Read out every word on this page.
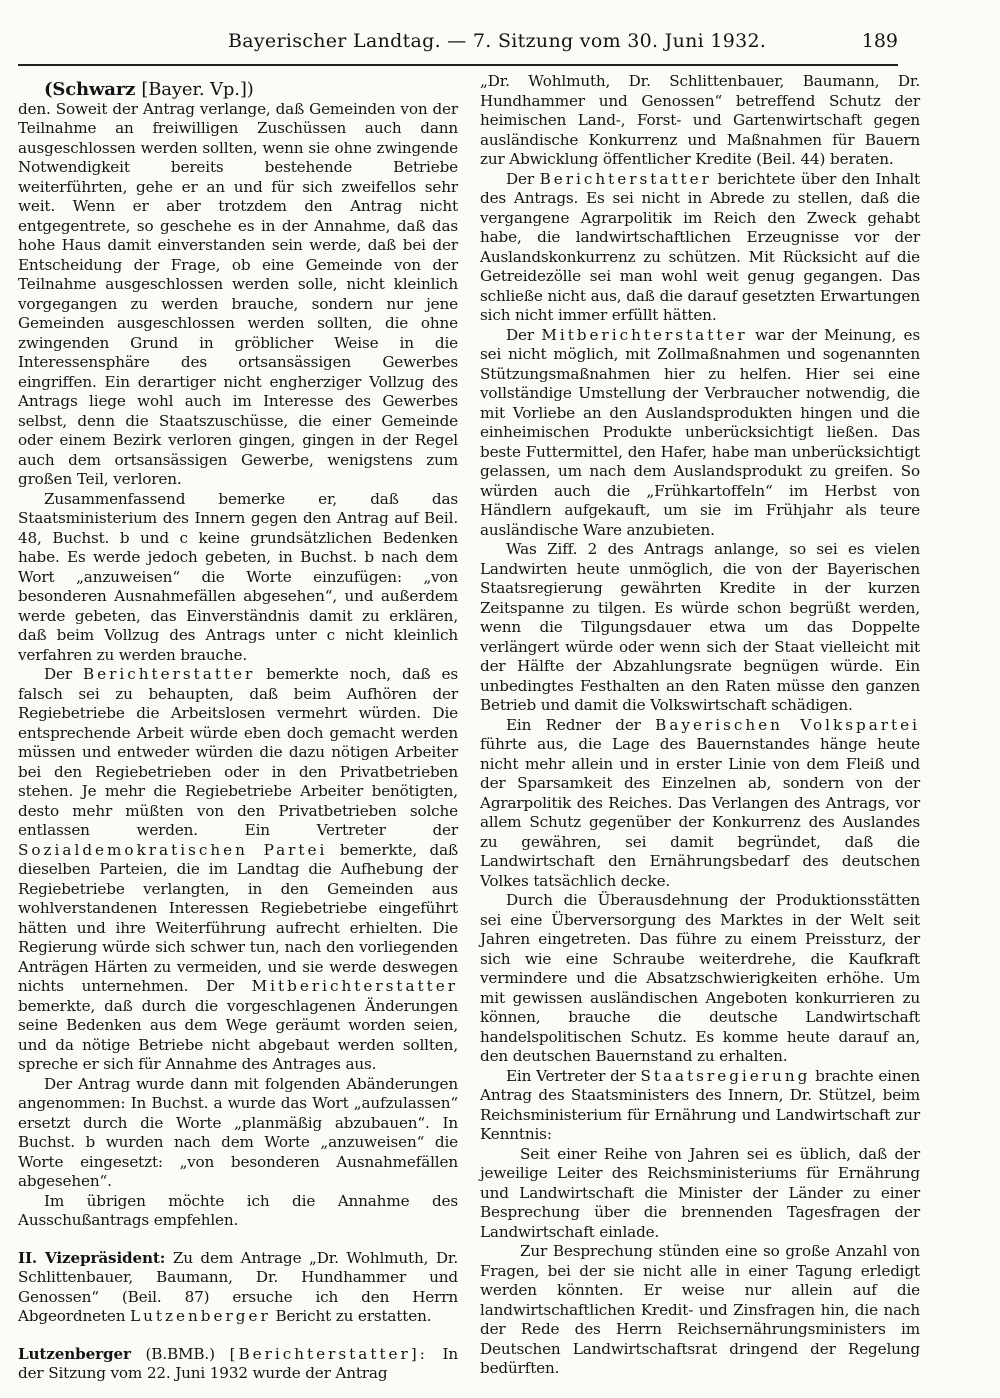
Bayerischer Landtag. — 7. Sitzung vom 30. Juni 1932.	189

(Schwarz [Bayer. Vp.])

den. Soweit der Antrag verlange, daß Gemeinden von der Teilnahme an freiwilligen Zuschüssen auch dann ausgeschlossen werden sollten, wenn sie ohne zwingende Notwendigkeit bereits bestehende Betriebe weiterführten, gehe er an und für sich zweifellos sehr weit. Wenn er aber trotzdem den Antrag nicht entgegentrete, so geschehe es in der Annahme, daß das hohe Haus damit einverstanden sein werde, daß bei der Entscheidung der Frage, ob eine Gemeinde von der Teilnahme ausgeschlossen werden solle, nicht kleinlich vorgegangen zu werden brauche, sondern nur jene Gemeinden ausgeschlossen werden sollten, die ohne zwingenden Grund in gröblicher Weise in die Interessensphäre des ortsansässigen Gewerbes eingriffen. Ein derartiger nicht engherziger Vollzug des Antrags liege wohl auch im Interesse des Gewerbes selbst, denn die Staatszuschüsse, die einer Gemeinde oder einem Bezirk verloren gingen, gingen in der Regel auch dem ortsansässigen Gewerbe, wenigstens zum großen Teil, verloren.

Zusammenfassend bemerke er, daß das Staatsministerium des Innern gegen den Antrag auf Beil. 48, Buchst. b und c keine grundsätzlichen Bedenken habe. Es werde jedoch gebeten, in Buchst. b nach dem Wort „anzuweisen“ die Worte einzufügen: „von besonderen Ausnahmefällen abgesehen“, und außerdem werde gebeten, das Einverständnis damit zu erklären, daß beim Vollzug des Antrags unter c nicht kleinlich verfahren zu werden brauche.

Der Berichterstatter bemerkte noch, daß es falsch sei zu behaupten, daß beim Aufhören der Regiebetriebe die Arbeitslosen vermehrt würden. Die entsprechende Arbeit würde eben doch gemacht werden müssen und entweder würden die dazu nötigen Arbeiter bei den Regiebetrieben oder in den Privatbetrieben stehen. Je mehr die Regiebetriebe Arbeiter benötigten, desto mehr müßten von den Privatbetrieben solche entlassen werden. Ein Vertreter der Sozialdemokratischen Partei bemerkte, daß dieselben Parteien, die im Landtag die Aufhebung der Regiebetriebe verlangten, in den Gemeinden aus wohlverstandenen Interessen Regiebetriebe eingeführt hätten und ihre Weiterführung aufrecht erhielten. Die Regierung würde sich schwer tun, nach den vorliegenden Anträgen Härten zu vermeiden, und sie werde deswegen nichts unternehmen. Der Mitberichterstatter bemerkte, daß durch die vorgeschlagenen Änderungen seine Bedenken aus dem Wege geräumt worden seien, und da nötige Betriebe nicht abgebaut werden sollten, spreche er sich für Annahme des Antrages aus.

Der Antrag wurde dann mit folgenden Abänderungen angenommen: In Buchst. a wurde das Wort „aufzulassen“ ersetzt durch die Worte „planmäßig abzubauen“. In Buchst. b wurden nach dem Worte „anzuweisen“ die Worte eingesetzt: „von besonderen Ausnahmefällen abgesehen“.

Im übrigen möchte ich die Annahme des Ausschußantrags empfehlen.

II. Vizepräsident: Zu dem Antrage „Dr. Wohlmuth, Dr. Schlittenbauer, Baumann, Dr. Hundhammer und Genossen“ (Beil. 87) ersuche ich den Herrn Abgeordneten Lutzenberger Bericht zu erstatten.

Lutzenberger (B.BMB.) [Berichterstatter]: In der Sitzung vom 22. Juni 1932 wurde der Antrag

„Dr. Wohlmuth, Dr. Schlittenbauer, Baumann, Dr. Hundhammer und Genossen“ betreffend Schutz der heimischen Land-, Forst- und Gartenwirtschaft gegen ausländische Konkurrenz und Maßnahmen für Bauern zur Abwicklung öffentlicher Kredite (Beil. 44) beraten.

Der Berichterstatter berichtete über den Inhalt des Antrags. Es sei nicht in Abrede zu stellen, daß die vergangene Agrarpolitik im Reich den Zweck gehabt habe, die landwirtschaftlichen Erzeugnisse vor der Auslandskonkurrenz zu schützen. Mit Rücksicht auf die Getreidezölle sei man wohl weit genug gegangen. Das schließe nicht aus, daß die darauf gesetzten Erwartungen sich nicht immer erfüllt hätten.

Der Mitberichterstatter war der Meinung, es sei nicht möglich, mit Zollmaßnahmen und sogenannten Stützungsmaßnahmen hier zu helfen. Hier sei eine vollständige Umstellung der Verbraucher notwendig, die mit Vorliebe an den Auslandsprodukten hingen und die einheimischen Produkte unberücksichtigt ließen. Das beste Futtermittel, den Hafer, habe man unberücksichtigt gelassen, um nach dem Auslandsprodukt zu greifen. So würden auch die „Frühkartoffeln“ im Herbst von Händlern aufgekauft, um sie im Frühjahr als teure ausländische Ware anzubieten.

Was Ziff. 2 des Antrags anlange, so sei es vielen Landwirten heute unmöglich, die von der Bayerischen Staatsregierung gewährten Kredite in der kurzen Zeitspanne zu tilgen. Es würde schon begrüßt werden, wenn die Tilgungsdauer etwa um das Doppelte verlängert würde oder wenn sich der Staat vielleicht mit der Hälfte der Abzahlungsrate begnügen würde. Ein unbedingtes Festhalten an den Raten müsse den ganzen Betrieb und damit die Volkswirtschaft schädigen.

Ein Redner der Bayerischen Volkspartei führte aus, die Lage des Bauernstandes hänge heute nicht mehr allein und in erster Linie von dem Fleiß und der Sparsamkeit des Einzelnen ab, sondern von der Agrarpolitik des Reiches. Das Verlangen des Antrags, vor allem Schutz gegenüber der Konkurrenz des Auslandes zu gewähren, sei damit begründet, daß die Landwirtschaft den Ernährungsbedarf des deutschen Volkes tatsächlich decke.

Durch die Überausdehnung der Produktionsstätten sei eine Überversorgung des Marktes in der Welt seit Jahren eingetreten. Das führe zu einem Preissturz, der sich wie eine Schraube weiterdrehe, die Kaufkraft vermindere und die Absatzschwierigkeiten erhöhe. Um mit gewissen ausländischen Angeboten konkurrieren zu können, brauche die deutsche Landwirtschaft handelspolitischen Schutz. Es komme heute darauf an, den deutschen Bauernstand zu erhalten.

Ein Vertreter der Staatsregierung brachte einen Antrag des Staatsministers des Innern, Dr. Stützel, beim Reichsministerium für Ernährung und Landwirtschaft zur Kenntnis:

Seit einer Reihe von Jahren sei es üblich, daß der jeweilige Leiter des Reichsministeriums für Ernährung und Landwirtschaft die Minister der Länder zu einer Besprechung über die brennenden Tagesfragen der Landwirtschaft einlade.

Zur Besprechung stünden eine so große Anzahl von Fragen, bei der sie nicht alle in einer Tagung erledigt werden könnten. Er weise nur allein auf die landwirtschaftlichen Kredit- und Zinsfragen hin, die nach der Rede des Herrn Reichsernährungsministers im Deutschen Landwirtschaftsrat dringend der Regelung bedürften.
